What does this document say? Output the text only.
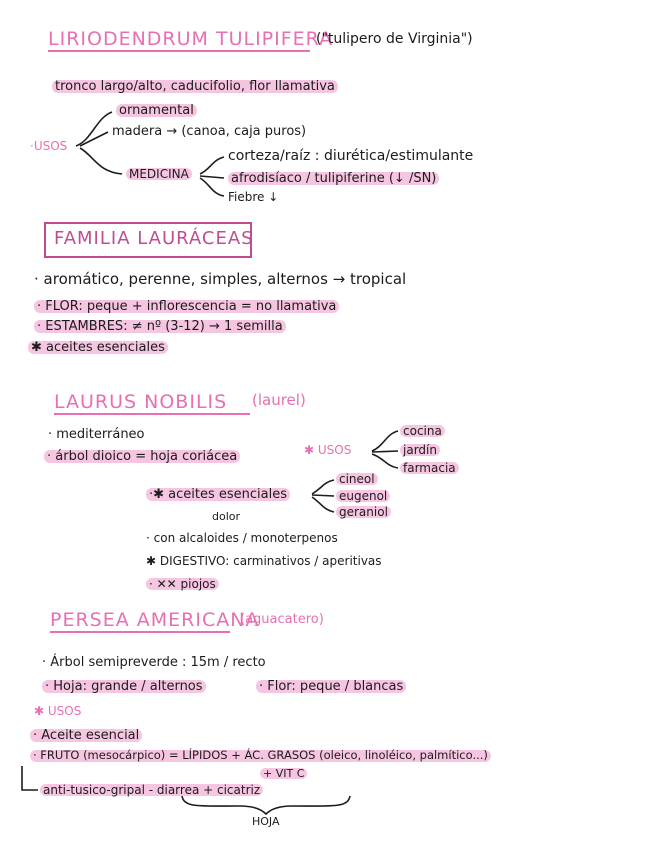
LIRIODENDRUM TULIPIFERA
("tulipero de Virginia")
tronco largo/alto, caducifolio, flor llamativa
·USOS
ornamental
madera → (canoa, caja puros)
MEDICINA
corteza/raíz : diurética/estimulante
afrodisíaco / tulipiferine (↓ /SN)
Fiebre ↓
FAMILIA LAURÁCEAS
· aromático, perenne, simples, alternos → tropical
· FLOR: peque + inflorescencia = no llamativa
· ESTAMBRES: ≠ nº (3-12) → 1 semilla
✱ aceites esenciales
LAURUS NOBILIS (laurel)
· mediterráneo
· árbol dioico = hoja coriácea	✱ USOS
cocina
jardín
farmacia
·✱ aceites esenciales
dolor
cineol
eugenol
geraniol
· con alcaloides / monoterpenos
✱ DIGESTIVO: carminativos / aperitivas
· ✕✕ piojos
PERSEA AMERICANA
(aguacatero)
· Árbol semipreverde : 15m / recto
· Hoja: grande / alternos	· Flor: peque / blancas
✱ USOS
· Aceite esencial
· FRUTO (mesocárpico) = LÍPIDOS + ÁC. GRASOS (oleico, linoléico, palmítico...)
+ VIT C
anti-tusico-gripal - diarrea + cicatriz
HOJA
